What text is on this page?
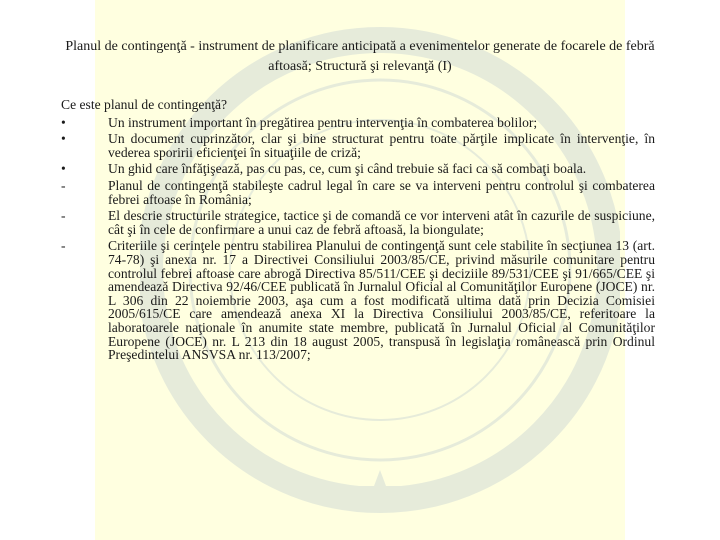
Planul de contingenţă - instrument de planificare anticipată a evenimentelor generate de focarele de febră aftoasă; Structură şi relevanţă (I)

Ce este planul de contingenţă?

•	Un instrument important în pregătirea pentru intervenţia în combaterea bolilor;
•	Un document cuprinzător, clar şi bine structurat pentru toate părţile implicate în intervenţie, în vederea sporirii eficienţei în situaţiile de criză;
•	Un ghid care înfăţişează, pas cu pas, ce, cum şi când trebuie să faci ca să combaţi boala.
-	Planul de contingenţă stabileşte cadrul legal în care se va interveni pentru controlul şi combaterea febrei aftoase în România;
-	El descrie structurile strategice, tactice şi de comandă ce vor interveni atât în cazurile de suspiciune, cât şi în cele de confirmare a unui caz de febră aftoasă, la biongulate;
-	Criteriile şi cerinţele pentru stabilirea Planului de contingenţă sunt cele stabilite în secţiunea 13 (art. 74-78) şi anexa nr. 17 a Directivei Consiliului 2003/85/CE, privind măsurile comunitare pentru controlul febrei aftoase care abrogă Directiva 85/511/CEE şi deciziile 89/531/CEE şi 91/665/CEE şi amendează Directiva 92/46/CEE publicată în Jurnalul Oficial al Comunităţilor Europene (JOCE) nr. L 306 din 22 noiembrie 2003, aşa cum a fost modificată ultima dată prin Decizia Comisiei 2005/615/CE care amendează anexa XI la Directiva Consiliului 2003/85/CE, referitoare la laboratoarele naţionale în anumite state membre, publicată în Jurnalul Oficial al Comunităţilor Europene (JOCE) nr. L 213 din 18 august 2005, transpusă în legislaţia românească prin Ordinul Preşedintelui ANSVSA nr. 113/2007;
